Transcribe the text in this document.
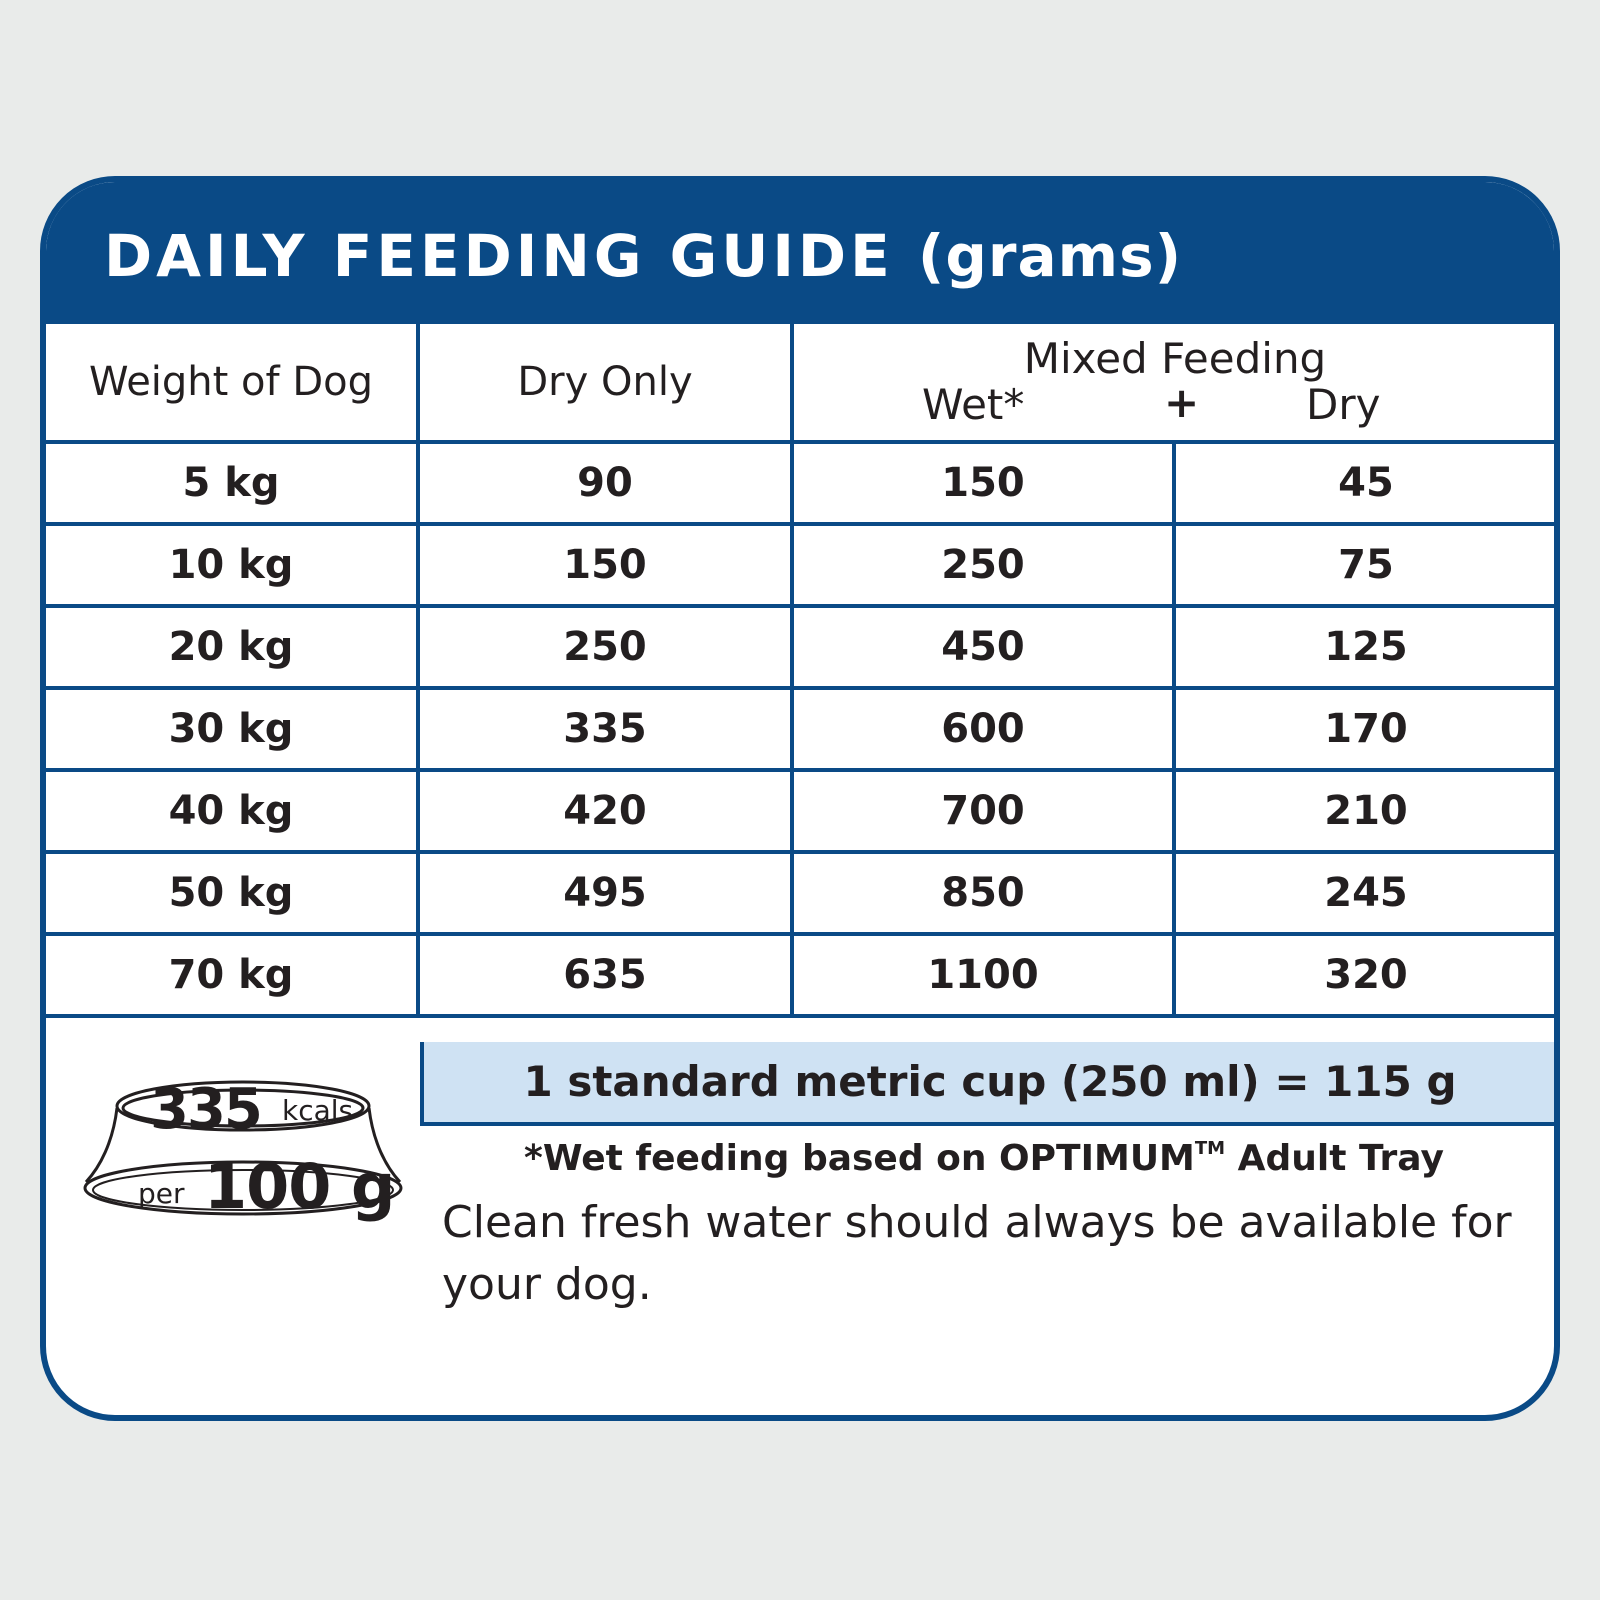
DAILY FEEDING GUIDE (grams)
Weight of Dog	Dry Only	Mixed Feeding
Wet* + Dry	

5 kg	90	150	45
10 kg	150	250	75
20 kg	250	450	125
30 kg	335	600	170
40 kg	420	700	210
50 kg	495	850	245
70 kg	635	1100	320
1 standard metric cup (250 ml) = 115 g
*Wet feeding based on OPTIMUM™ Adult Tray
Clean fresh water should always be available for your dog.
335 kcals
per 100 g
